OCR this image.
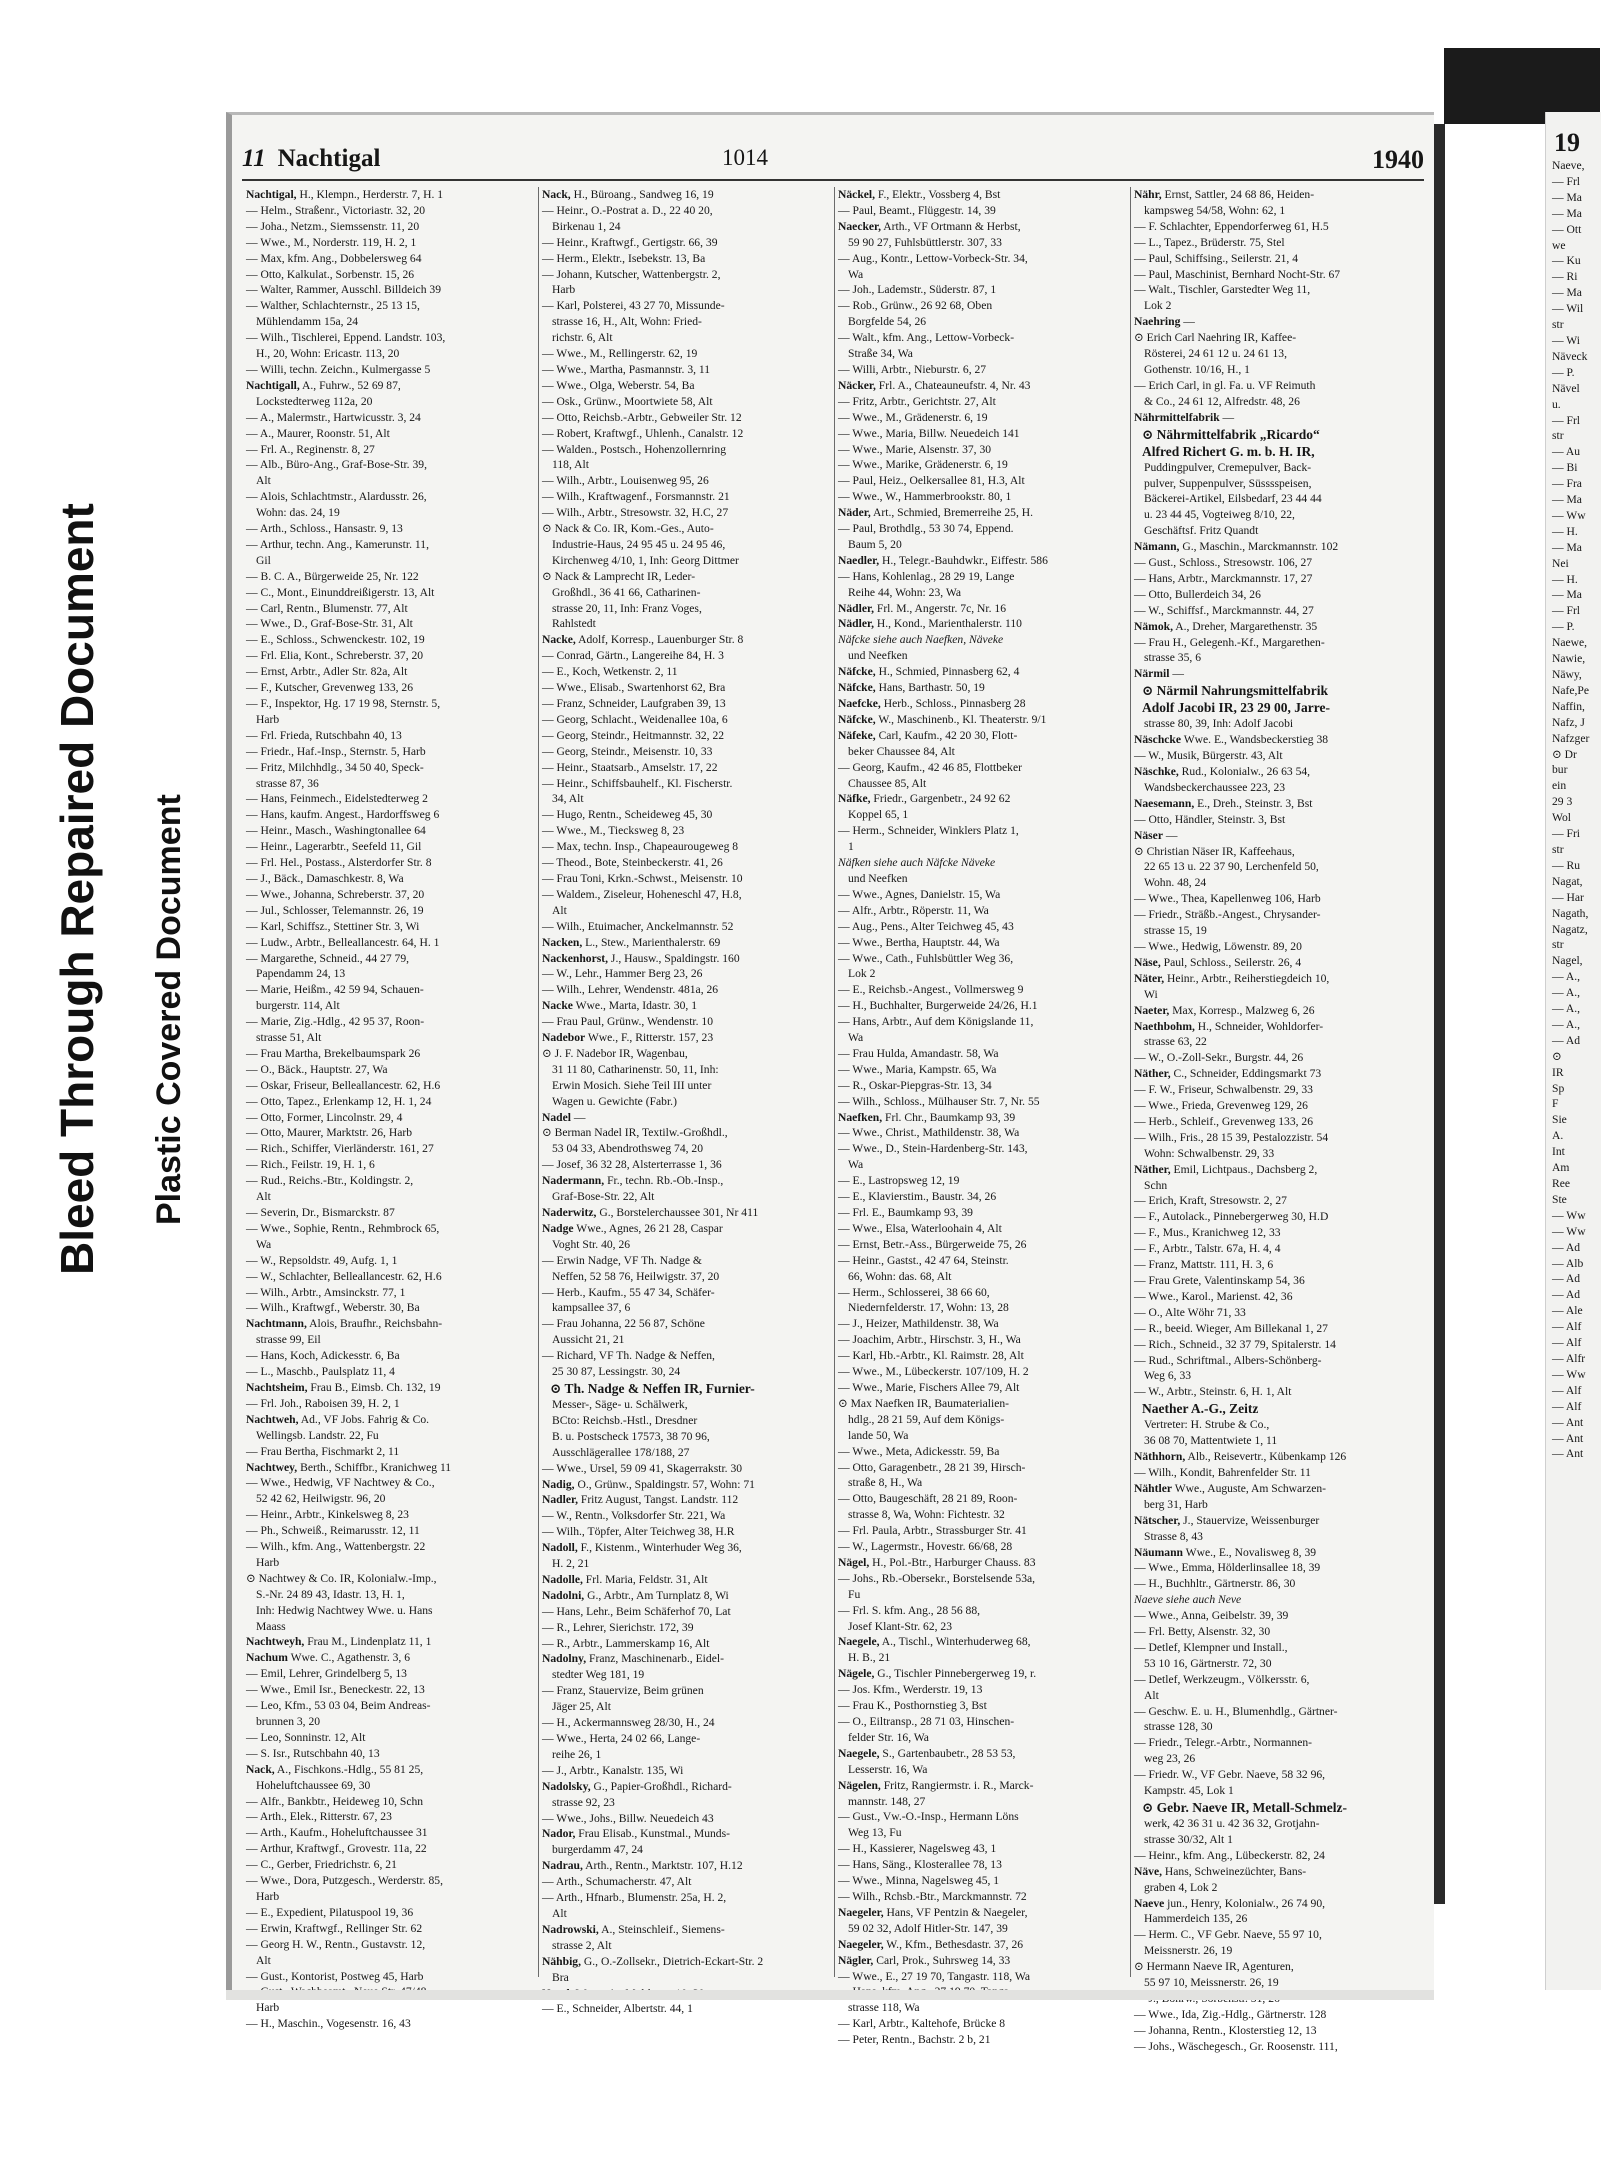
Bleed Through Repaired Document Plastic Covered Document
11 Nachtigal	1014	1940
Nachtigal, H., Klempn., Herderstr. 7, H. 1
— Helm., Straßenr., Victoriastr. 32, 20
— Joha., Netzm., Siemssenstr. 11, 20
— Wwe., M., Norderstr. 119, H. 2, 1
— Max, kfm. Ang., Dobbelersweg 64
— Otto, Kalkulat., Sorbenstr. 15, 26
— Walter, Rammer, Ausschl. Billdeich 39
— Walther, Schlachternstr., 25 13 15,
Mühlendamm 15a, 24
— Wilh., Tischlerei, Eppend. Landstr. 103,
H., 20, Wohn: Ericastr. 113, 20
— Willi, techn. Zeichn., Kulmergasse 5
Nachtigall, A., Fuhrw., 52 69 87,
Lockstedterweg 112a, 20
— A., Malermstr., Hartwicusstr. 3, 24
— A., Maurer, Roonstr. 51, Alt
— Frl. A., Reginenstr. 8, 27
— Alb., Büro-Ang., Graf-Bose-Str. 39,
Alt
— Alois, Schlachtmstr., Alardusstr. 26,
Wohn: das. 24, 19
— Arth., Schloss., Hansastr. 9, 13
— Arthur, techn. Ang., Kamerunstr. 11,
Gil
— B. C. A., Bürgerweide 25, Nr. 122
— C., Mont., Einunddreißigerstr. 13, Alt
— Carl, Rentn., Blumenstr. 77, Alt
— Wwe., D., Graf-Bose-Str. 31, Alt
— E., Schloss., Schwenckestr. 102, 19
— Frl. Elia, Kont., Schreberstr. 37, 20
— Ernst, Arbtr., Adler Str. 82a, Alt
— F., Kutscher, Grevenweg 133, 26
— F., Inspektor, Hg. 17 19 98, Sternstr. 5,
Harb
— Frl. Frieda, Rutschbahn 40, 13
— Friedr., Haf.-Insp., Sternstr. 5, Harb
— Fritz, Milchhdlg., 34 50 40, Speck-
strasse 87, 36
— Hans, Feinmech., Eidelstedterweg 2
— Hans, kaufm. Angest., Hardorffsweg 6
— Heinr., Masch., Washingtonallee 64
— Heinr., Lagerarbtr., Seefeld 11, Gil
— Frl. Hel., Postass., Alsterdorfer Str. 8
— J., Bäck., Damaschkestr. 8, Wa
— Wwe., Johanna, Schreberstr. 37, 20
— Jul., Schlosser, Telemannstr. 26, 19
— Karl, Schiffsz., Stettiner Str. 3, Wi
— Ludw., Arbtr., Belleallancestr. 64, H. 1
— Margarethe, Schneid., 44 27 79,
Papendamm 24, 13
— Marie, Heißm., 42 59 94, Schauen-
burgerstr. 114, Alt
— Marie, Zig.-Hdlg., 42 95 37, Roon-
strasse 51, Alt
— Frau Martha, Brekelbaumspark 26
— O., Bäck., Hauptstr. 27, Wa
— Oskar, Friseur, Belleallancestr. 62, H.6
— Otto, Tapez., Erlenkamp 12, H. 1, 24
— Otto, Former, Lincolnstr. 29, 4
— Otto, Maurer, Marktstr. 26, Harb
— Rich., Schiffer, Vierländerstr. 161, 27
— Rich., Feilstr. 19, H. 1, 6
— Rud., Reichs.-Btr., Koldingstr. 2,
Alt
— Severin, Dr., Bismarckstr. 87
— Wwe., Sophie, Rentn., Rehmbrock 65,
Wa
— W., Repsoldstr. 49, Aufg. 1, 1
— W., Schlachter, Belleallancestr. 62, H.6
— Wilh., Arbtr., Amsinckstr. 77, 1
— Wilh., Kraftwgf., Weberstr. 30, Ba
Nachtmann, Alois, Braufhr., Reichsbahn-
strasse 99, Eil
— Hans, Koch, Adickesstr. 6, Ba
— L., Maschb., Paulsplatz 11, 4
Nachtsheim, Frau B., Eimsb. Ch. 132, 19
— Frl. Joh., Raboisen 39, H. 2, 1
Nachtweh, Ad., VF Jobs. Fahrig & Co.
Wellingsb. Landstr. 22, Fu
— Frau Bertha, Fischmarkt 2, 11
Nachtwey, Berth., Schiffbr., Kranichweg 11
— Wwe., Hedwig, VF Nachtwey & Co.,
52 42 62, Heilwigstr. 96, 20
— Heinr., Arbtr., Kinkelsweg 8, 23
— Ph., Schweiß., Reimarusstr. 12, 11
— Wilh., kfm. Ang., Wattenbergstr. 22
Harb
⊙ Nachtwey & Co. IR, Kolonialw.-Imp.,
S.-Nr. 24 89 43, Idastr. 13, H. 1,
Inh: Hedwig Nachtwey Wwe. u. Hans
Maass
Nachtweyh, Frau M., Lindenplatz 11, 1
Nachum Wwe. C., Agathenstr. 3, 6
— Emil, Lehrer, Grindelberg 5, 13
— Wwe., Emil Isr., Beneckestr. 22, 13
— Leo, Kfm., 53 03 04, Beim Andreas-
brunnen 3, 20
— Leo, Sonninstr. 12, Alt
— S. Isr., Rutschbahn 40, 13
Nack, A., Fischkons.-Hdlg., 55 81 25,
Hoheluftchaussee 69, 30
— Alfr., Bankbtr., Heideweg 10, Schn
— Arth., Elek., Ritterstr. 67, 23
— Arth., Kaufm., Hoheluftchaussee 31
— Arthur, Kraftwgf., Grovestr. 11a, 22
— C., Gerber, Friedrichstr. 6, 21
— Wwe., Dora, Putzgesch., Werderstr. 85,
Harb
— E., Expedient, Pilatuspool 19, 36
— Erwin, Kraftwgf., Rellinger Str. 62
— Georg H. W., Rentn., Gustavstr. 12,
Alt
— Gust., Kontorist, Postweg 45, Harb
Harb
— H., Maschin., Vogesenstr. 16, 43
Nack, H., Büroang., Sandweg 16, 19
— Heinr., O.-Postrat a. D., 22 40 20,
Birkenau 1, 24
— Heinr., Kraftwgf., Gertigstr. 66, 39
— Herm., Elektr., Isebekstr. 13, Ba
— Johann, Kutscher, Wattenbergstr. 2,
Harb
— Karl, Polsterei, 43 27 70, Missunde-
strasse 16, H., Alt, Wohn: Fried-
richstr. 6, Alt
— Wwe., M., Rellingerstr. 62, 19
— Wwe., Martha, Pasmannstr. 3, 11
— Wwe., Olga, Weberstr. 54, Ba
— Osk., Grünw., Moortwiete 58, Alt
— Otto, Reichsb.-Arbtr., Gebweiler Str. 12
— Robert, Kraftwgf., Uhlenh., Canalstr. 12
— Walden., Postsch., Hohenzollernring
118, Alt
— Wilh., Arbtr., Louisenweg 95, 26
— Wilh., Kraftwagenf., Forsmannstr. 21
— Wilh., Arbtr., Stresowstr. 32, H.C, 27
⊙ Nack & Co. IR, Kom.-Ges., Auto-
Industrie-Haus, 24 95 45 u. 24 95 46,
Kirchenweg 4/10, 1, Inh: Georg Dittmer
⊙ Nack & Lamprecht IR, Leder-
Großhdl., 36 41 66, Catharinen-
strasse 20, 11, Inh: Franz Voges,
Rahlstedt
Nacke, Adolf, Korresp., Lauenburger Str. 8
— Conrad, Gärtn., Langereihe 84, H. 3
— E., Koch, Wetkenstr. 2, 11
— Wwe., Elisab., Swartenhorst 62, Bra
— Franz, Schneider, Laufgraben 39, 13
— Georg, Schlacht., Weidenallee 10a, 6
— Georg, Steindr., Heitmannstr. 32, 22
— Georg, Steindr., Meisenstr. 10, 33
— Heinr., Staatsarb., Amselstr. 17, 22
— Heinr., Schiffsbauhelf., Kl. Fischerstr.
34, Alt
— Hugo, Rentn., Scheideweg 45, 30
— Wwe., M., Tiecksweg 8, 23
— Max, techn. Insp., Chapeaurougeweg 8
— Theod., Bote, Steinbeckerstr. 41, 26
— Frau Toni, Krkn.-Schwst., Meisenstr. 10
— Waldem., Ziseleur, Hoheneschl 47, H.8,
Alt
— Wilh., Etuimacher, Anckelmannstr. 52
Nacken, L., Stew., Marienthalerstr. 69
Nackenhorst, J., Hausw., Spaldingstr. 160
— W., Lehr., Hammer Berg 23, 26
— Wilh., Lehrer, Wendenstr. 481a, 26
Nacke Wwe., Marta, Idastr. 30, 1
— Frau Paul, Grünw., Wendenstr. 10
Nadebor Wwe., F., Ritterstr. 157, 23
⊙ J. F. Nadebor IR, Wagenbau,
31 11 80, Catharinenstr. 50, 11, Inh:
Erwin Mosich. Siehe Teil III unter
Wagen u. Gewichte (Fabr.)
Nadel —
⊙ Berman Nadel IR, Textilw.-Großhdl.,
53 04 33, Abendrothsweg 74, 20
— Josef, 36 32 28, Alsterterrasse 1, 36
Nadermann, Fr., techn. Rb.-Ob.-Insp.,
Graf-Bose-Str. 22, Alt
Naderwitz, G., Borstelerchaussee 301, Nr 411
Nadge Wwe., Agnes, 26 21 28, Caspar
Voght Str. 40, 26
— Erwin Nadge, VF Th. Nadge &
Neffen, 52 58 76, Heilwigstr. 37, 20
— Herb., Kaufm., 55 47 34, Schäfer-
kampsallee 37, 6
— Frau Johanna, 22 56 87, Schöne
Aussicht 21, 21
— Richard, VF Th. Nadge & Neffen,
25 30 87, Lessingstr. 30, 24
⊙ Th. Nadge & Neffen IR, Furnier-
Messer-, Säge- u. Schälwerk,
BCto: Reichsb.-Hstl., Dresdner
B. u. Postscheck 17573, 38 70 96,
Ausschlägerallee 178/188, 27
— Wwe., Ursel, 59 09 41, Skagerrakstr. 30
Nadig, O., Grünw., Spaldingstr. 57, Wohn: 71
Nadler, Fritz August, Tangst. Landstr. 112
— W., Rentn., Volksdorfer Str. 221, Wa
— Wilh., Töpfer, Alter Teichweg 38, H.R
Nadoll, F., Kistenm., Winterhuder Weg 36,
H. 2, 21
Nadolle, Frl. Maria, Feldstr. 31, Alt
Nadolni, G., Arbtr., Am Turnplatz 8, Wi
— Hans, Lehr., Beim Schäferhof 70, Lat
— R., Lehrer, Sierichstr. 172, 39
— R., Arbtr., Lammerskamp 16, Alt
Nadolny, Franz, Maschinenarb., Eidel-
stedter Weg 181, 19
— Franz, Stauervize, Beim grünen
Jäger 25, Alt
— H., Ackermannsweg 28/30, H., 24
— Wwe., Herta, 24 02 66, Lange-
reihe 26, 1
— J., Arbtr., Kanalstr. 135, Wi
Nadolsky, G., Papier-Großhdl., Richard-
strasse 92, 23
— Wwe., Johs., Billw. Neuedeich 43
Nador, Frau Elisab., Kunstmal., Munds-
burgerdamm 47, 24
Nadrau, Arth., Rentn., Marktstr. 107, H.12
— Arth., Schumacherstr. 47, Alt
— Arth., Hfnarb., Blumenstr. 25a, H. 2,
Alt
Nadrowski, A., Steinschleif., Siemens-
strasse 2, Alt
Nähbig, G., O.-Zollsekr., Dietrich-Eckart-Str. 2
Bra
— E., Schneider, Albertstr. 44, 1
Näckel, F., Elektr., Vossberg 4, Bst
— Paul, Beamt., Flüggestr. 14, 39
Naecker, Arth., VF Ortmann & Herbst,
59 90 27, Fuhlsbüttlerstr. 307, 33
— Aug., Kontr., Lettow-Vorbeck-Str. 34,
Wa
— Joh., Lademstr., Süderstr. 87, 1
— Rob., Grünw., 26 92 68, Oben
Borgfelde 54, 26
— Walt., kfm. Ang., Lettow-Vorbeck-
Straße 34, Wa
— Willi, Arbtr., Nieburstr. 6, 27
Näcker, Frl. A., Chateauneufstr. 4, Nr. 43
— Fritz, Arbtr., Gerichtstr. 27, Alt
— Wwe., M., Grädenerstr. 6, 19
— Wwe., Maria, Billw. Neuedeich 141
— Wwe., Marie, Alsenstr. 37, 30
— Wwe., Marike, Grädenerstr. 6, 19
— Paul, Heiz., Oelkersallee 81, H.3, Alt
— Wwe., W., Hammerbrookstr. 80, 1
Näder, Art., Schmied, Bremerreihe 25, H.
— Paul, Brothdlg., 53 30 74, Eppend.
Baum 5, 20
Naedler, H., Telegr.-Bauhdwkr., Eiffestr. 586
— Hans, Kohlenlag., 28 29 19, Lange
Reihe 44, Wohn: 23, Wa
Nädler, Frl. M., Angerstr. 7c, Nr. 16
Nädler, H., Kond., Marienthalerstr. 110
Näfcke siehe auch Naefken, Näveke
und Neefken
Näfcke, H., Schmied, Pinnasberg 62, 4
Näfcke, Hans, Barthastr. 50, 19
Naefcke, Herb., Schloss., Pinnasberg 28
Näfcke, W., Maschinenb., Kl. Theaterstr. 9/1
Näfeke, Carl, Kaufm., 42 20 30, Flott-
beker Chaussee 84, Alt
— Georg, Kaufm., 42 46 85, Flottbeker
Chaussee 85, Alt
Näfke, Friedr., Gargenbetr., 24 92 62
Koppel 65, 1
— Herm., Schneider, Winklers Platz 1,
1
Näfken siehe auch Näfcke Näveke
und Neefken
— Wwe., Agnes, Danielstr. 15, Wa
— Alfr., Arbtr., Röperstr. 11, Wa
— Aug., Pens., Alter Teichweg 45, 43
— Wwe., Bertha, Hauptstr. 44, Wa
— Wwe., Cath., Fuhlsbüttler Weg 36,
Lok 2
— E., Reichsb.-Angest., Vollmersweg 9
— H., Buchhalter, Burgerweide 24/26, H.1
— Hans, Arbtr., Auf dem Königslande 11,
Wa
— Frau Hulda, Amandastr. 58, Wa
— Wwe., Maria, Kampstr. 65, Wa
— R., Oskar-Piepgras-Str. 13, 34
— Wilh., Schloss., Mülhauser Str. 7, Nr. 55
Naefken, Frl. Chr., Baumkamp 93, 39
— Wwe., Christ., Mathildenstr. 38, Wa
— Wwe., D., Stein-Hardenberg-Str. 143,
Wa
— E., Lastropsweg 12, 19
— E., Klavierstim., Baustr. 34, 26
— Frl. E., Baumkamp 93, 39
— Wwe., Elsa, Waterloohain 4, Alt
— Ernst, Betr.-Ass., Bürgerweide 75, 26
— Heinr., Gastst., 42 47 64, Steinstr.
66, Wohn: das. 68, Alt
— Herm., Schlosserei, 38 66 60,
Niedernfelderstr. 17, Wohn: 13, 28
— J., Heizer, Mathildenstr. 38, Wa
— Joachim, Arbtr., Hirschstr. 3, H., Wa
— Karl, Hb.-Arbtr., Kl. Raimstr. 28, Alt
— Wwe., M., Lübeckerstr. 107/109, H. 2
— Wwe., Marie, Fischers Allee 79, Alt
⊙ Max Naefken IR, Baumaterialien-
hdlg., 28 21 59, Auf dem Königs-
lande 50, Wa
— Wwe., Meta, Adickesstr. 59, Ba
— Otto, Garagenbetr., 28 21 39, Hirsch-
straße 8, H., Wa
— Otto, Baugeschäft, 28 21 89, Roon-
strasse 8, Wa, Wohn: Fichtestr. 32
— Frl. Paula, Arbtr., Strassburger Str. 41
— W., Lagermstr., Hovestr. 66/68, 28
Nägel, H., Pol.-Btr., Harburger Chauss. 83
— Johs., Rb.-Obersekr., Borstelsende 53a,
Fu
— Frl. S. kfm. Ang., 28 56 88,
Josef Klant-Str. 62, 23
Naegele, A., Tischl., Winterhuderweg 68,
H. B., 21
Nägele, G., Tischler Pinnebergerweg 19, r.
— Jos. Kfm., Werderstr. 19, 13
— Frau K., Posthornstieg 3, Bst
— O., Eiltransp., 28 71 03, Hinschen-
felder Str. 16, Wa
Naegele, S., Gartenbaubetr., 28 53 53,
Lesserstr. 16, Wa
Nägelen, Fritz, Rangiermstr. i. R., Marck-
mannstr. 148, 27
— Gust., Vw.-O.-Insp., Hermann Löns
Weg 13, Fu
— H., Kassierer, Nagelsweg 43, 1
— Hans, Säng., Klosterallee 78, 13
— Wwe., Minna, Nagelsweg 45, 1
— Wilh., Rchsb.-Btr., Marckmannstr. 72
Naegeler, Hans, VF Pentzin & Naegeler,
59 02 32, Adolf Hitler-Str. 147, 39
Naegeler, W., Kfm., Bethesdastr. 37, 26
Nägler, Carl, Prok., Suhrsweg 14, 33
— Wwe., E., 27 19 70, Tangastr. 118, Wa
strasse 118, Wa
— Karl, Arbtr., Kaltehofe, Brücke 8
— Peter, Rentn., Bachstr. 2 b, 21
Nähr, Ernst, Sattler, 24 68 86, Heiden-
kampsweg 54/58, Wohn: 62, 1
— F. Schlachter, Eppendorferweg 61, H.5
— L., Tapez., Brüderstr. 75, Stel
— Paul, Schiffsing., Seilerstr. 21, 4
— Paul, Maschinist, Bernhard Nocht-Str. 67
— Walt., Tischler, Garstedter Weg 11,
Lok 2
Naehring —
⊙ Erich Carl Naehring IR, Kaffee-
Rösterei, 24 61 12 u. 24 61 13,
Gothenstr. 10/16, H., 1
— Erich Carl, in gl. Fa. u. VF Reimuth
& Co., 24 61 12, Alfredstr. 48, 26
Nährmittelfabrik —
⊙ Nährmittelfabrik „Ricardo“
Alfred Richert G. m. b. H. IR,
Puddingpulver, Cremepulver, Back-
pulver, Suppenpulver, Süsssspeisen,
Bäckerei-Artikel, Eilsbedarf, 23 44 44
u. 23 44 45, Vogteiweg 8/10, 22,
Geschäftsf. Fritz Quandt
Nämann, G., Maschin., Marckmannstr. 102
— Gust., Schloss., Stresowstr. 106, 27
— Hans, Arbtr., Marckmannstr. 17, 27
— Otto, Bullerdeich 34, 26
— W., Schiffsf., Marckmannstr. 44, 27
Nämok, A., Dreher, Margarethenstr. 35
— Frau H., Gelegenh.-Kf., Margarethen-
strasse 35, 6
Närmil —
⊙ Närmil Nahrungsmittelfabrik
Adolf Jacobi IR, 23 29 00, Jarre-
strasse 80, 39, Inh: Adolf Jacobi
Näschcke Wwe. E., Wandsbeckerstieg 38
— W., Musik, Bürgerstr. 43, Alt
Näschke, Rud., Kolonialw., 26 63 54,
Wandsbeckerchaussee 223, 23
Naesemann, E., Dreh., Steinstr. 3, Bst
— Otto, Händler, Steinstr. 3, Bst
Näser —
⊙ Christian Näser IR, Kaffeehaus,
22 65 13 u. 22 37 90, Lerchenfeld 50,
Wohn. 48, 24
— Wwe., Thea, Kapellenweg 106, Harb
— Friedr., Sträßb.-Angest., Chrysander-
strasse 15, 19
— Wwe., Hedwig, Löwenstr. 89, 20
Näse, Paul, Schloss., Seilerstr. 26, 4
Näter, Heinr., Arbtr., Reiherstiegdeich 10,
Wi
Naeter, Max, Korresp., Malzweg 6, 26
Naethbohm, H., Schneider, Wohldorfer-
strasse 63, 22
— W., O.-Zoll-Sekr., Burgstr. 44, 26
Näther, C., Schneider, Eddingsmarkt 73
— F. W., Friseur, Schwalbenstr. 29, 33
— Wwe., Frieda, Grevenweg 129, 26
— Herb., Schleif., Grevenweg 133, 26
— Wilh., Fris., 28 15 39, Pestalozzistr. 54
Wohn: Schwalbenstr. 29, 33
Näther, Emil, Lichtpaus., Dachsberg 2,
Schn
— Erich, Kraft, Stresowstr. 2, 27
— F., Autolack., Pinnebergerweg 30, H.D
— F., Mus., Kranichweg 12, 33
— F., Arbtr., Talstr. 67a, H. 4, 4
— Franz, Mattstr. 111, H. 3, 6
— Frau Grete, Valentinskamp 54, 36
— Wwe., Karol., Marienst. 42, 36
— O., Alte Wöhr 71, 33
— R., beeid. Wieger, Am Billekanal 1, 27
— Rich., Schneid., 32 37 79, Spitalerstr. 14
— Rud., Schriftmal., Albers-Schönberg-
Weg 6, 33
— W., Arbtr., Steinstr. 6, H. 1, Alt
Naether A.-G., Zeitz
Vertreter: H. Strube & Co.,
36 08 70, Mattentwiete 1, 11
Näthhorn, Alb., Reisevertr., Kübenkamp 126
— Wilh., Kondit, Bahrenfelder Str. 11
Nähtler Wwe., Auguste, Am Schwarzen-
berg 31, Harb
Nätscher, J., Stauervize, Weissenburger
Strasse 8, 43
Näumann Wwe., E., Novalisweg 8, 39
— Wwe., Emma, Hölderlinsallee 18, 39
— H., Buchhltr., Gärtnerstr. 86, 30
Naeve siehe auch Neve
— Wwe., Anna, Geibelstr. 39, 39
— Frl. Betty, Alsenstr. 32, 30
— Detlef, Klempner und Install.,
53 10 16, Gärtnerstr. 72, 30
— Detlef, Werkzeugm., Völkersstr. 6,
Alt
— Geschw. E. u. H., Blumenhdlg., Gärtner-
strasse 128, 30
— Friedr., Telegr.-Arbtr., Normannen-
weg 23, 26
— Friedr. W., VF Gebr. Naeve, 58 32 96,
Kampstr. 45, Lok 1
⊙ Gebr. Naeve IR, Metall-Schmelz-
werk, 42 36 31 u. 42 36 32, Grotjahn-
strasse 30/32, Alt 1
— Heinr., kfm. Ang., Lübeckerstr. 82, 24
Näve, Hans, Schweinezüchter, Bans-
graben 4, Lok 2
Naeve jun., Henry, Kolonialw., 26 74 90,
Hammerdeich 135, 26
— Herm. C., VF Gebr. Naeve, 55 97 10,
Meissnerstr. 26, 19
⊙ Hermann Naeve IR, Agenturen,
55 97 10, Meissnerstr. 26, 19
— Wwe., Ida, Zig.-Hdlg., Gärtnerstr. 128
— Johanna, Rentn., Klosterstieg 12, 13
— Johs., Wäschegesch., Gr. Roosenstr. 111,
19
Naeve,
— Frl
— Ma
— Ma
— Ott
we
— Ku
— Ri
— Ma
— Wil
str
— Wi
Näveck
— P.
Nävel
u.
— Frl
str
— Au
— Bi
— Fra
— Ma
— Ww
— H.
— Ma
Nei
— H.
— Ma
— Frl
— P.
Naewe,
Nawie,
Näwy,
Nafe,Pe
Naffin,
Nafz, J
Nafzger
⊙ Dr
bur
ein
29 3
Wol
— Fri
str
— Ru
Nagat,
— Har
Nagath,
Nagatz,
str
Nagel,
— A.,
— A.,
— A.,
— A.,
— Ad
⊙
IR
Sp
F
Sie
A.
Int
Am
Ree
Ste
— Ww
— Ww
— Ad
— Alb
— Ad
— Ad
— Ale
— Alf
— Alf
— Alfr
— Ww
— Alf
— Alf
— Ant
— Ant
— Ant
